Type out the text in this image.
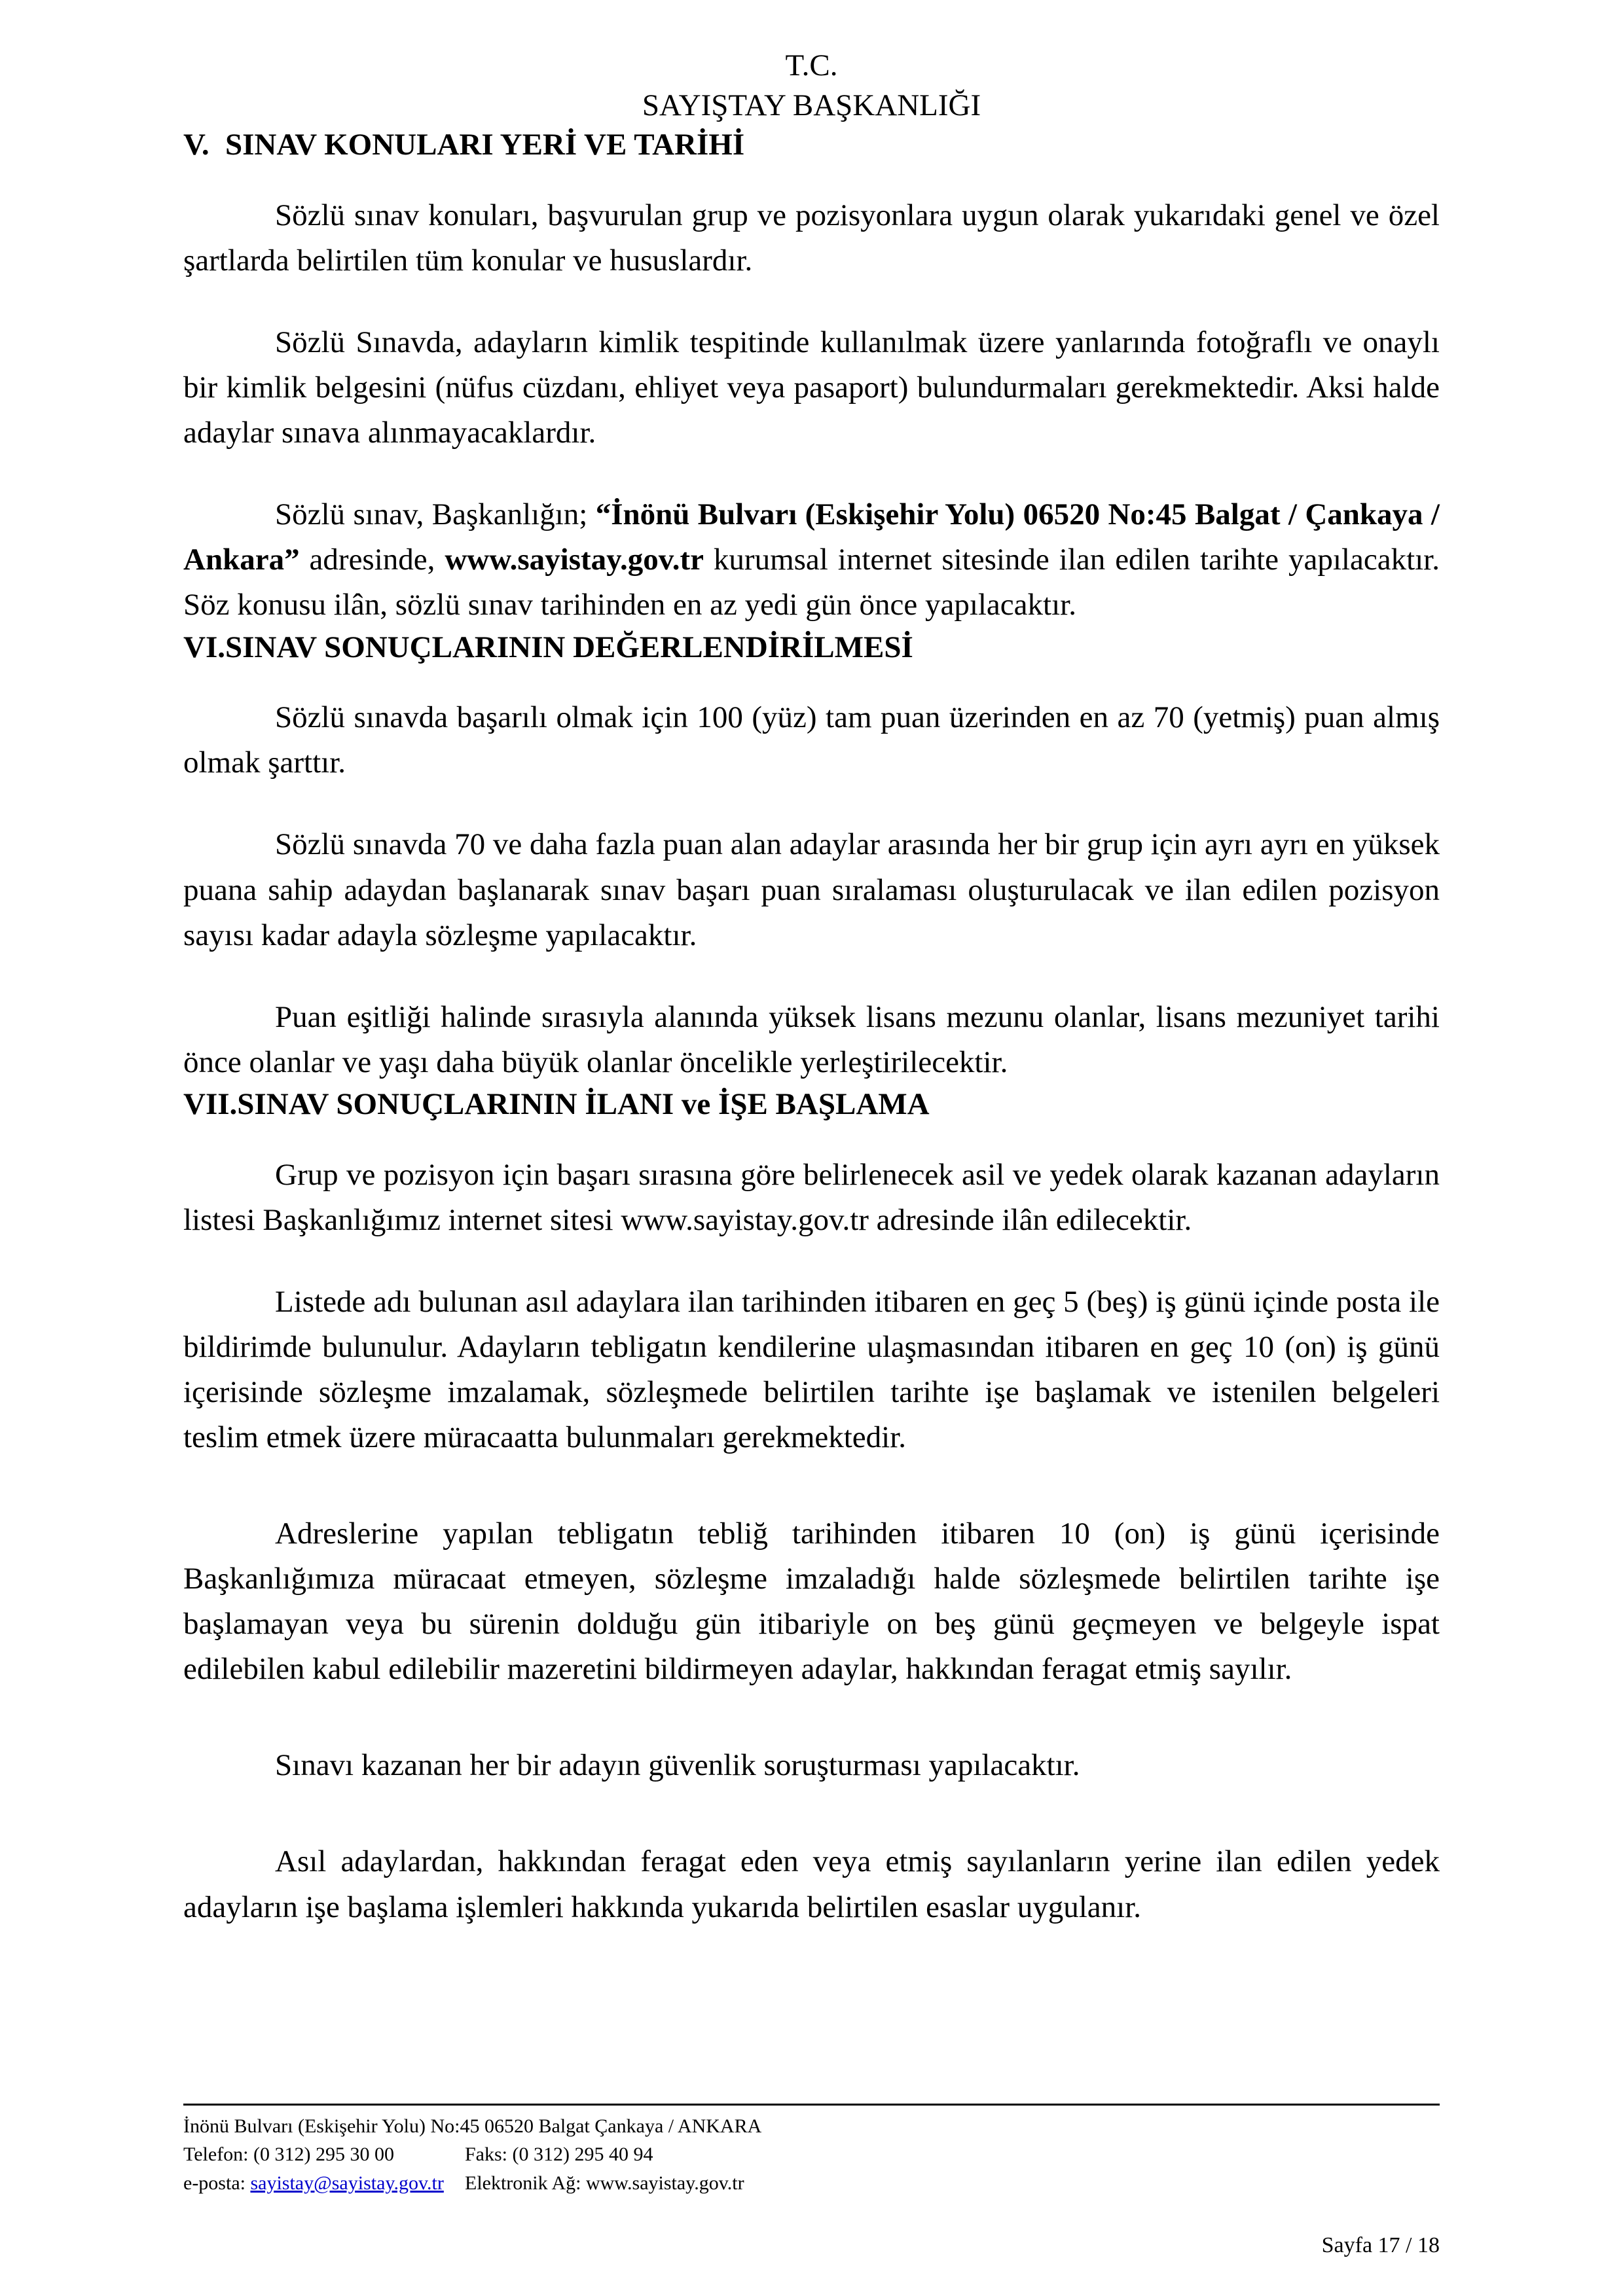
T.C.
SAYIŞTAY BAŞKANLIĞI
V. SINAV KONULARI YERİ VE TARİHİ

Sözlü sınav konuları, başvurulan grup ve pozisyonlara uygun olarak yukarıdaki genel ve özel şartlarda belirtilen tüm konular ve hususlardır.

Sözlü Sınavda, adayların kimlik tespitinde kullanılmak üzere yanlarında fotoğraflı ve onaylı bir kimlik belgesini (nüfus cüzdanı, ehliyet veya pasaport) bulundurmaları gerekmektedir. Aksi halde adaylar sınava alınmayacaklardır.

Sözlü sınav, Başkanlığın; “İnönü Bulvarı (Eskişehir Yolu) 06520 No:45 Balgat / Çankaya / Ankara” adresinde, www.sayistay.gov.tr kurumsal internet sitesinde ilan edilen tarihte yapılacaktır. Söz konusu ilân, sözlü sınav tarihinden en az yedi gün önce yapılacaktır.

VI.SINAV SONUÇLARININ DEĞERLENDİRİLMESİ

Sözlü sınavda başarılı olmak için 100 (yüz) tam puan üzerinden en az 70 (yetmiş) puan almış olmak şarttır.

Sözlü sınavda 70 ve daha fazla puan alan adaylar arasında her bir grup için ayrı ayrı en yüksek puana sahip adaydan başlanarak sınav başarı puan sıralaması oluşturulacak ve ilan edilen pozisyon sayısı kadar adayla sözleşme yapılacaktır.

Puan eşitliği halinde sırasıyla alanında yüksek lisans mezunu olanlar, lisans mezuniyet tarihi önce olanlar ve yaşı daha büyük olanlar öncelikle yerleştirilecektir.

VII.SINAV SONUÇLARININ İLANI ve İŞE BAŞLAMA

Grup ve pozisyon için başarı sırasına göre belirlenecek asil ve yedek olarak kazanan adayların listesi Başkanlığımız internet sitesi www.sayistay.gov.tr adresinde ilân edilecektir.

Listede adı bulunan asıl adaylara ilan tarihinden itibaren en geç 5 (beş) iş günü içinde posta ile bildirimde bulunulur. Adayların tebligatın kendilerine ulaşmasından itibaren en geç 10 (on) iş günü içerisinde sözleşme imzalamak, sözleşmede belirtilen tarihte işe başlamak ve istenilen belgeleri teslim etmek üzere müracaatta bulunmaları gerekmektedir.

Adreslerine yapılan tebligatın tebliğ tarihinden itibaren 10 (on) iş günü içerisinde Başkanlığımıza müracaat etmeyen, sözleşme imzaladığı halde sözleşmede belirtilen tarihte işe başlamayan veya bu sürenin dolduğu gün itibariyle on beş günü geçmeyen ve belgeyle ispat edilebilen kabul edilebilir mazeretini bildirmeyen adaylar, hakkından feragat etmiş sayılır.

Sınavı kazanan her bir adayın güvenlik soruşturması yapılacaktır.

Asıl adaylardan, hakkından feragat eden veya etmiş sayılanların yerine ilan edilen yedek adayların işe başlama işlemleri hakkında yukarıda belirtilen esaslar uygulanır.

İnönü Bulvarı (Eskişehir Yolu) No:45 06520 Balgat Çankaya / ANKARA
Telefon: (0 312) 295 30 00	Faks: (0 312) 295 40 94
e-posta: sayistay@sayistay.gov.tr Elektronik Ağ: www.sayistay.gov.tr
Sayfa 17 / 18
